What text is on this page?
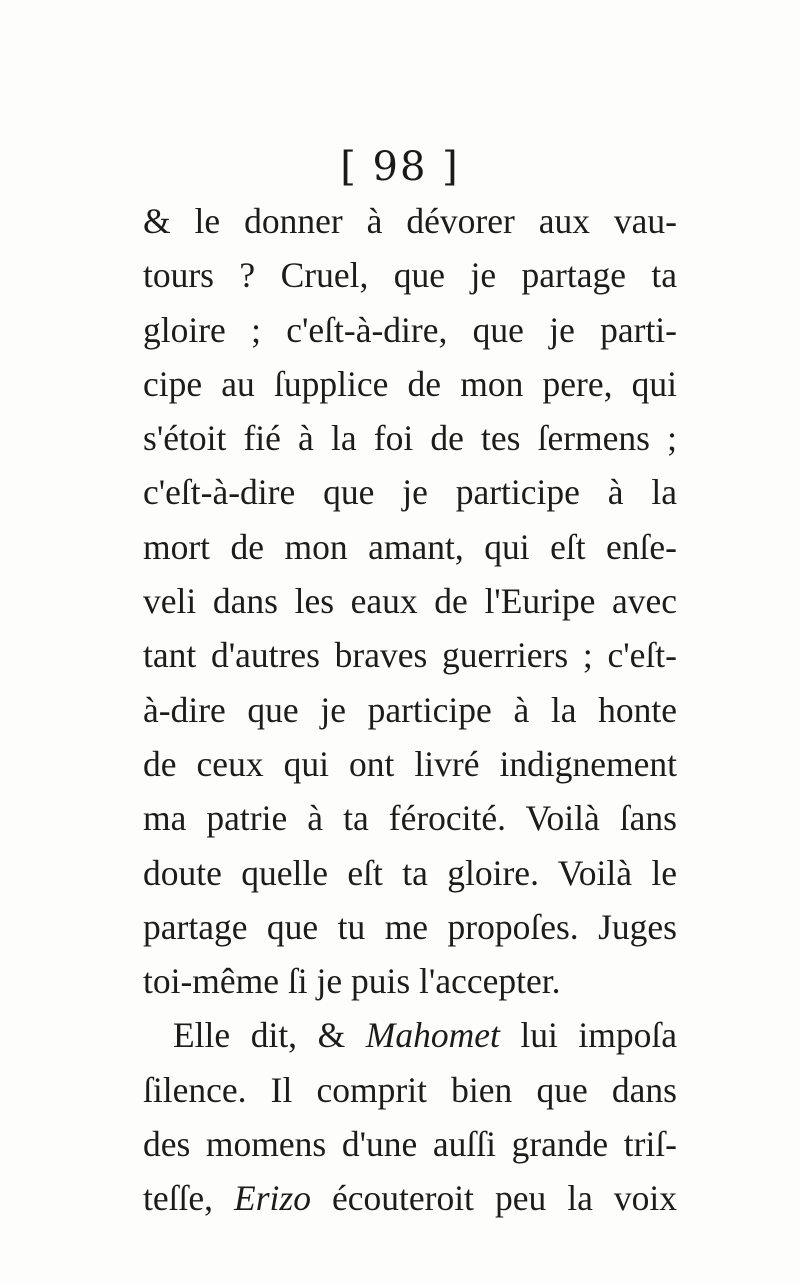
[ 98 ]
& le donner à dévorer aux vau-
tours ? Cruel, que je partage ta
gloire ; c'eſt-à-dire, que je parti-
cipe au ſupplice de mon pere, qui
s'étoit fié à la foi de tes ſermens ;
c'eſt-à-dire que je participe à la
mort de mon amant, qui eſt enſe-
veli dans les eaux de l'Euripe avec
tant d'autres braves guerriers ; c'eſt-
à-dire que je participe à la honte
de ceux qui ont livré indignement
ma patrie à ta férocité. Voilà ſans
doute quelle eſt ta gloire. Voilà le
partage que tu me propoſes. Juges
toi-même ſi je puis l'accepter.
Elle dit, & Mahomet lui impoſa
ſilence. Il comprit bien que dans
des momens d'une auſſi grande triſ-
teſſe, Erizo écouteroit peu la voix
